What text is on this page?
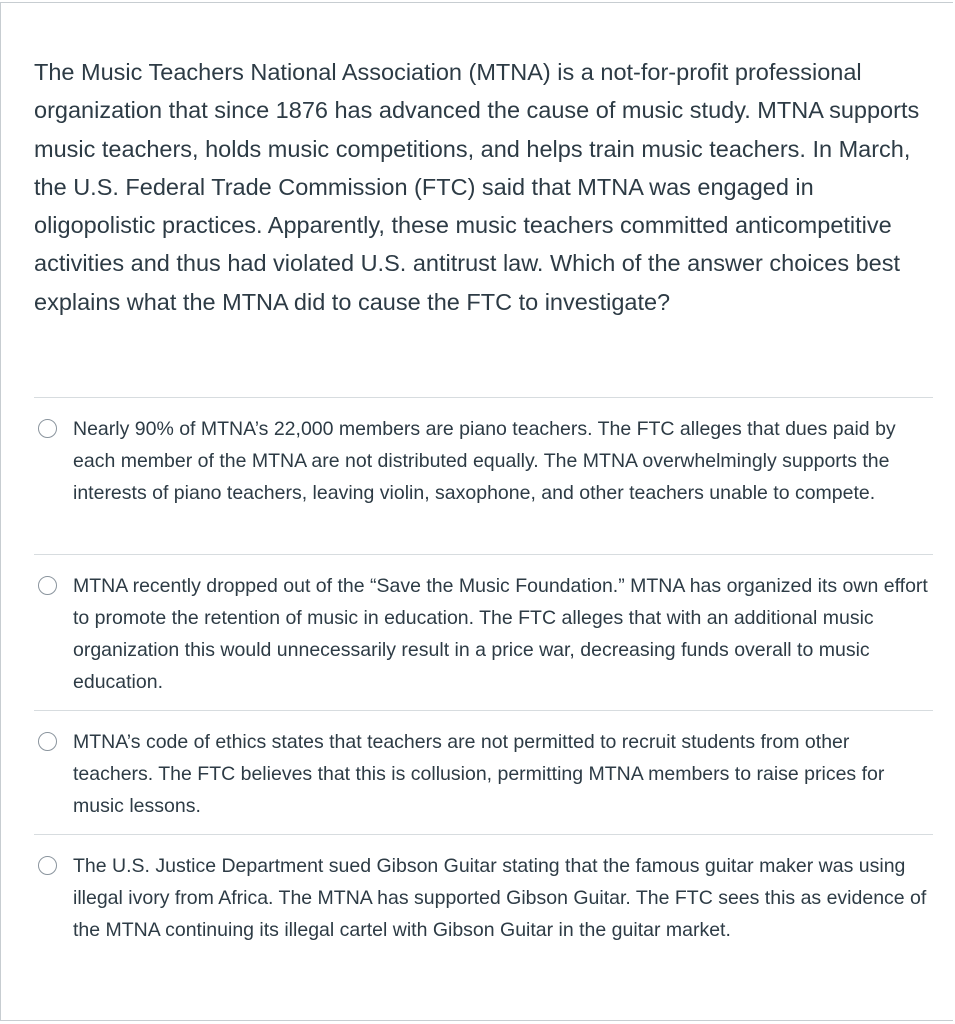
The Music Teachers National Association (MTNA) is a not-for-profit professional organization that since 1876 has advanced the cause of music study. MTNA supports music teachers, holds music competitions, and helps train music teachers. In March, the U.S. Federal Trade Commission (FTC) said that MTNA was engaged in oligopolistic practices. Apparently, these music teachers committed anticompetitive activities and thus had violated U.S. antitrust law. Which of the answer choices best explains what the MTNA did to cause the FTC to investigate?
Nearly 90% of MTNA’s 22,000 members are piano teachers. The FTC alleges that dues paid by each member of the MTNA are not distributed equally. The MTNA overwhelmingly supports the interests of piano teachers, leaving violin, saxophone, and other teachers unable to compete.
MTNA recently dropped out of the “Save the Music Foundation.” MTNA has organized its own effort to promote the retention of music in education. The FTC alleges that with an additional music organization this would unnecessarily result in a price war, decreasing funds overall to music education.
MTNA’s code of ethics states that teachers are not permitted to recruit students from other teachers. The FTC believes that this is collusion, permitting MTNA members to raise prices for music lessons.
The U.S. Justice Department sued Gibson Guitar stating that the famous guitar maker was using illegal ivory from Africa. The MTNA has supported Gibson Guitar. The FTC sees this as evidence of the MTNA continuing its illegal cartel with Gibson Guitar in the guitar market.
